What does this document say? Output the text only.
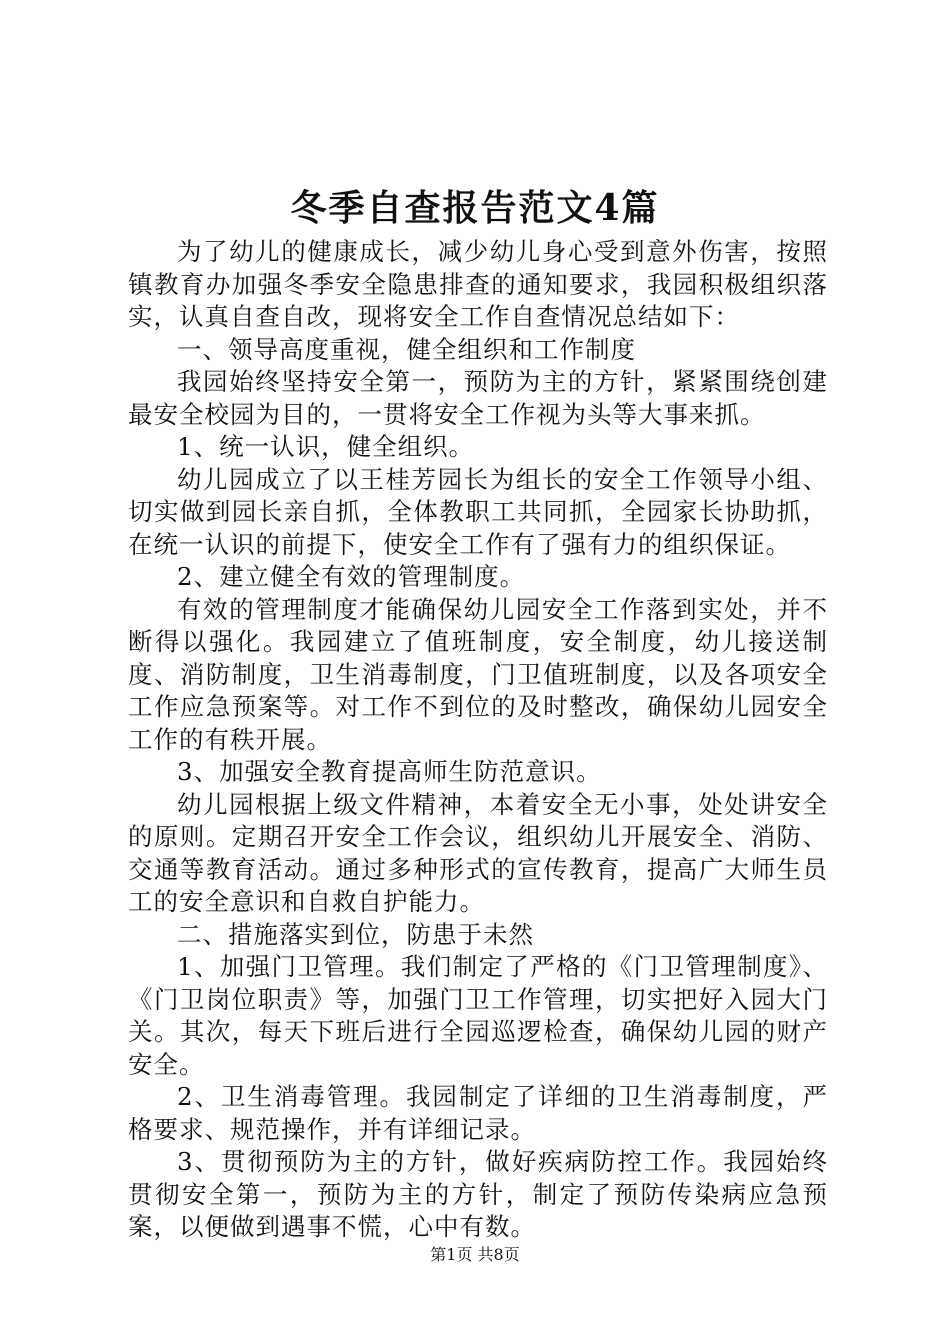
冬季自查报告范文4篇

为了幼儿的健康成长，减少幼儿身心受到意外伤害，按照镇教育办加强冬季安全隐患排查的通知要求，我园积极组织落实，认真自查自改，现将安全工作自查情况总结如下：

一、领导高度重视，健全组织和工作制度

我园始终坚持安全第一，预防为主的方针，紧紧围绕创建最安全校园为目的，一贯将安全工作视为头等大事来抓。

1、统一认识，健全组织。

幼儿园成立了以王桂芳园长为组长的安全工作领导小组、切实做到园长亲自抓，全体教职工共同抓，全园家长协助抓，在统一认识的前提下，使安全工作有了强有力的组织保证。

2、建立健全有效的管理制度。

有效的管理制度才能确保幼儿园安全工作落到实处，并不断得以强化。我园建立了值班制度，安全制度，幼儿接送制度、消防制度，卫生消毒制度，门卫值班制度，以及各项安全工作应急预案等。对工作不到位的及时整改，确保幼儿园安全工作的有秩开展。

3、加强安全教育提高师生防范意识。

幼儿园根据上级文件精神，本着安全无小事，处处讲安全的原则。定期召开安全工作会议，组织幼儿开展安全、消防、交通等教育活动。通过多种形式的宣传教育，提高广大师生员工的安全意识和自救自护能力。

二、措施落实到位，防患于未然

1、加强门卫管理。我们制定了严格的《门卫管理制度》、《门卫岗位职责》等，加强门卫工作管理，切实把好入园大门关。其次，每天下班后进行全园巡逻检查，确保幼儿园的财产安全。

2、卫生消毒管理。我园制定了详细的卫生消毒制度，严格要求、规范操作，并有详细记录。

3、贯彻预防为主的方针，做好疾病防控工作。我园始终贯彻安全第一，预防为主的方针，制定了预防传染病应急预案，以便做到遇事不慌，心中有数。

第1页 共8页
